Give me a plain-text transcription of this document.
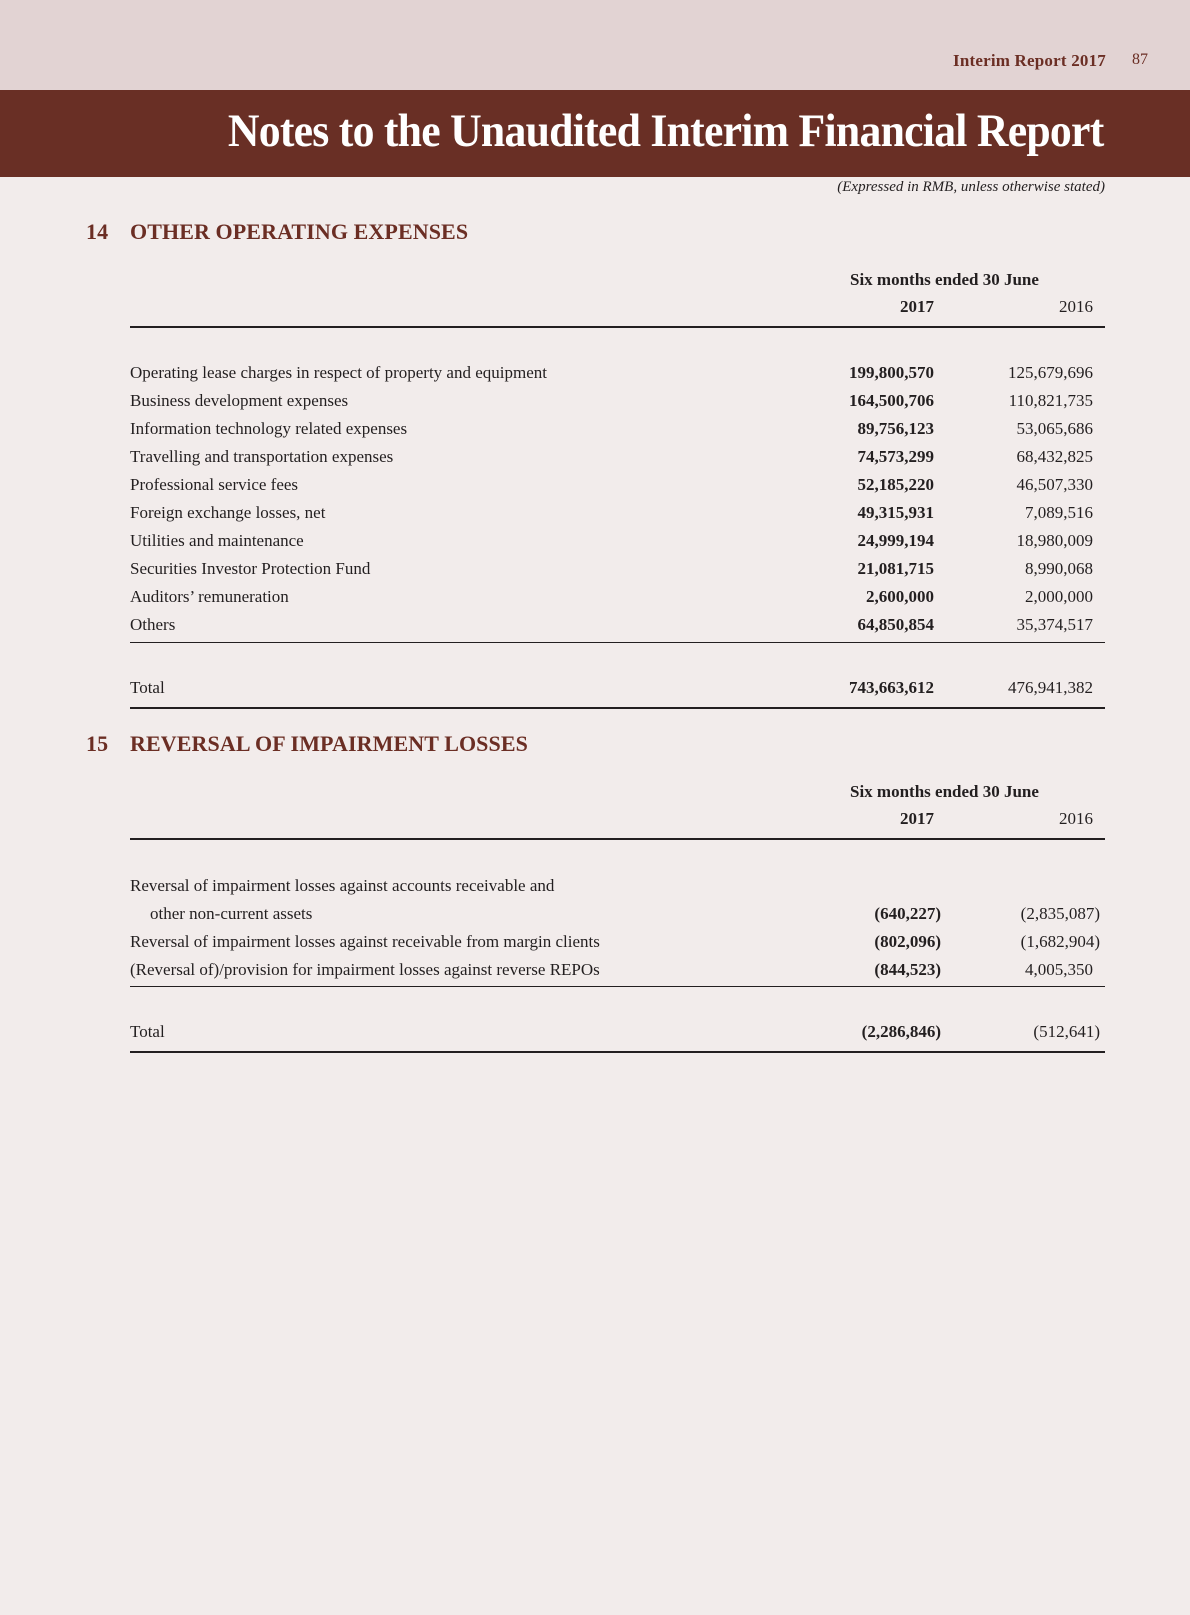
Interim Report 2017 87
Notes to the Unaudited Interim Financial Report
(Expressed in RMB, unless otherwise stated)
14 OTHER OPERATING EXPENSES
Six months ended 30 June
2017	2016
Operating lease charges in respect of property and equipment	199,800,570	125,679,696
Business development expenses	164,500,706	110,821,735
Information technology related expenses	89,756,123	53,065,686
Travelling and transportation expenses	74,573,299	68,432,825
Professional service fees	52,185,220	46,507,330
Foreign exchange losses, net	49,315,931	7,089,516
Utilities and maintenance	24,999,194	18,980,009
Securities Investor Protection Fund	21,081,715	8,990,068
Auditors’ remuneration	2,600,000	2,000,000
Others	64,850,854	35,374,517
Total	743,663,612	476,941,382
15 REVERSAL OF IMPAIRMENT LOSSES
Six months ended 30 June
2017	2016
Reversal of impairment losses against accounts receivable and
other non-current assets	(640,227)	(2,835,087)
Reversal of impairment losses against receivable from margin clients	(802,096)	(1,682,904)
(Reversal of)/provision for impairment losses against reverse REPOs	(844,523)	4,005,350
Total	(2,286,846)	(512,641)
